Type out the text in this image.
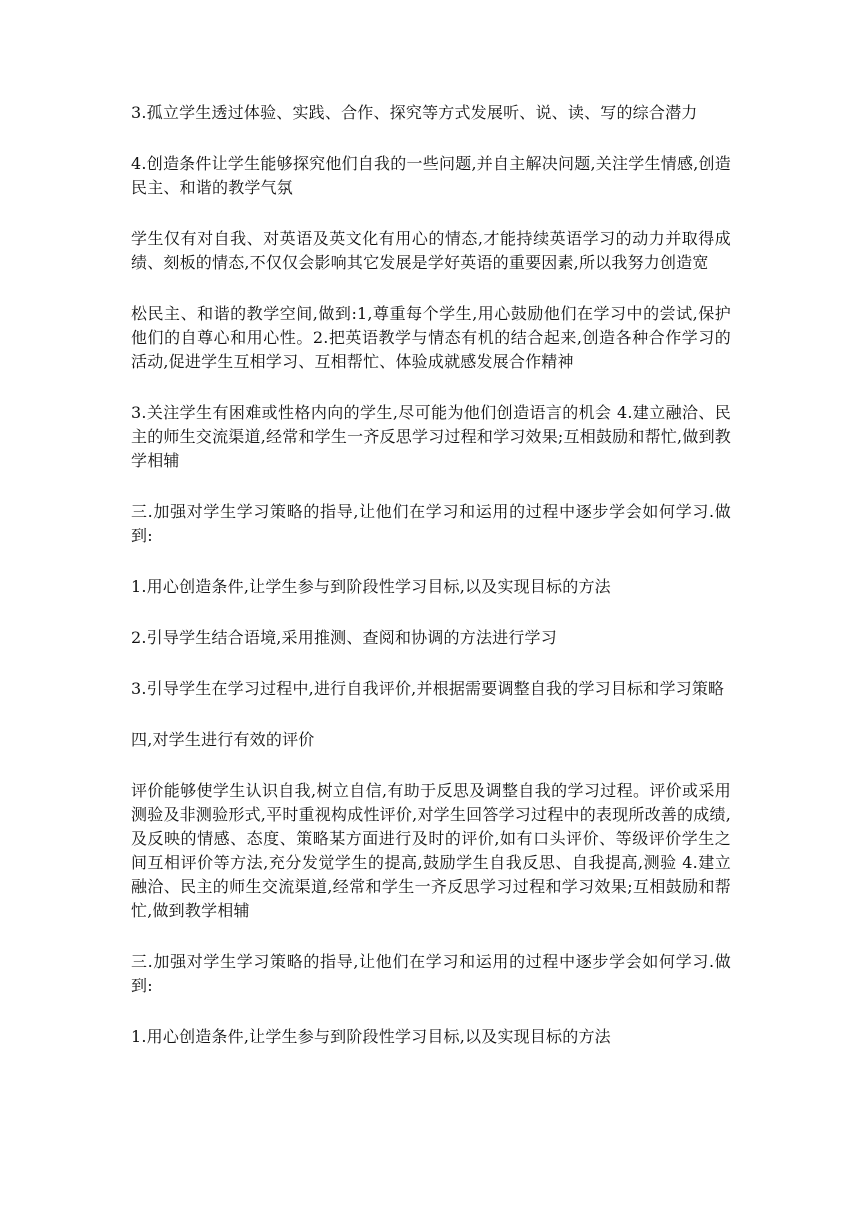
3.孤立学生透过体验、实践、合作、探究等方式发展听、说、读、写的综合潜力

4.创造条件让学生能够探究他们自我的一些问题,并自主解决问题,关注学生情感,创造民主、和谐的教学气氛

学生仅有对自我、对英语及英文化有用心的情态,才能持续英语学习的动力并取得成绩、刻板的情态,不仅仅会影响其它发展是学好英语的重要因素,所以我努力创造宽

松民主、和谐的教学空间,做到:1,尊重每个学生,用心鼓励他们在学习中的尝试,保护他们的自尊心和用心性。2.把英语教学与情态有机的结合起来,创造各种合作学习的活动,促进学生互相学习、互相帮忙、体验成就感发展合作精神

3.关注学生有困难或性格内向的学生,尽可能为他们创造语言的机会 4.建立融洽、民主的师生交流渠道,经常和学生一齐反思学习过程和学习效果;互相鼓励和帮忙,做到教学相辅

三.加强对学生学习策略的指导,让他们在学习和运用的过程中逐步学会如何学习.做到:

1.用心创造条件,让学生参与到阶段性学习目标,以及实现目标的方法

2.引导学生结合语境,采用推测、查阅和协调的方法进行学习

3.引导学生在学习过程中,进行自我评价,并根据需要调整自我的学习目标和学习策略

四,对学生进行有效的评价

评价能够使学生认识自我,树立自信,有助于反思及调整自我的学习过程。评价或采用测验及非测验形式,平时重视构成性评价,对学生回答学习过程中的表现所改善的成绩,及反映的情感、态度、策略某方面进行及时的评价,如有口头评价、等级评价学生之间互相评价等方法,充分发觉学生的提高,鼓励学生自我反思、自我提高,测验 4.建立融洽、民主的师生交流渠道,经常和学生一齐反思学习过程和学习效果;互相鼓励和帮忙,做到教学相辅

三.加强对学生学习策略的指导,让他们在学习和运用的过程中逐步学会如何学习.做到:

1.用心创造条件,让学生参与到阶段性学习目标,以及实现目标的方法
